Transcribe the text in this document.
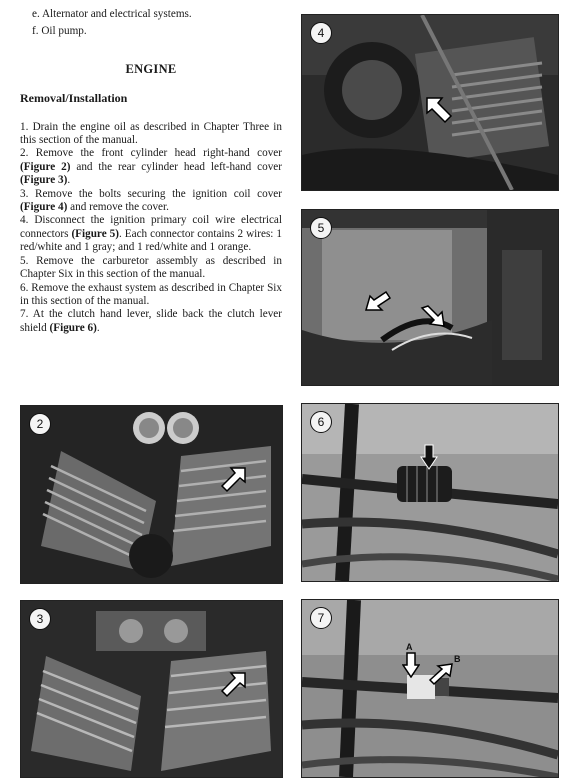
e. Alternator and electrical systems.

f. Oil pump.

ENGINE
Removal/Installation

1. Drain the engine oil as described in Chapter Three in this section of the manual.

2. Remove the front cylinder head right-hand cover (Figure 2) and the rear cylinder head left-hand cover (Figure 3).

3. Remove the bolts securing the ignition coil cover (Figure 4) and remove the cover.

4. Disconnect the ignition primary coil wire electrical connectors (Figure 5). Each connector contains 2 wires: 1 red/white and 1 gray; and 1 red/white and 1 orange.

5. Remove the carburetor assembly as described in Chapter Six in this section of the manual.

6. Remove the exhaust system as described in Chapter Six in this section of the manual.

7. At the clutch hand lever, slide back the clutch lever shield (Figure 6).

4
5
2	6
3	7
A
B
